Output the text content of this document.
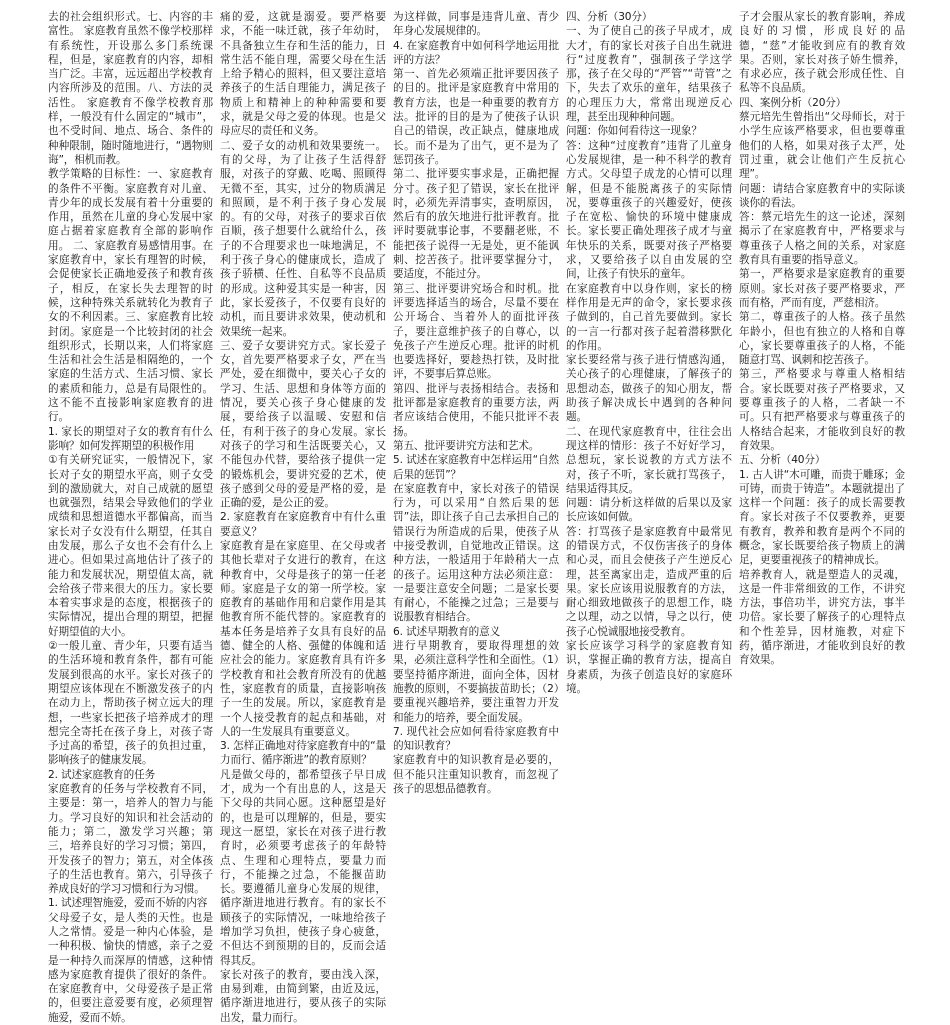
去的社会组织形式。七、内容的丰富性。 家庭教育虽然不像学校那样有系统性，开设那么多门系统课程，但是，家庭教育的内容，却相当广泛。丰富，远远超出学校教育内容所涉及的范围。八、方法的灵活性。 家庭教育不像学校教育那样，一般没有什么固定的“城市”，也不受时间、地点、场合、条件的种种限制，随时随地进行，“遇物则诲”，相机而教。

教学策略的目标性：一、家庭教育的条件不平衡。家庭教育对儿童、青少年的成长发展有着十分重要的作用，虽然在儿童的身心发展中家庭占据着家庭教育全部的影响作用。 二、家庭教育易感情用事。在家庭教育中，家长有理智的时候，会促使家长正确地爱孩子和教育孩子，相反，在家长失去理智的时候，这种特殊关系就转化为教育子女的不利因素。三、家庭教育比较封闭。家庭是一个比较封闭的社会组织形式，长期以来，人们将家庭生活和社会生活是相隔绝的，一个家庭的生活方式、生活习惯、家长的素质和能力，总是有局限性的。这不能不直接影响家庭教育的进行。

1. 家长的期望对子女的教育有什么影响？如何发挥期望的积极作用

①有关研究证实，一般情况下，家长对子女的期望水平高，则子女受到的激励就大，对自己成就的愿望也就强烈，结果会导致他们的学业成绩和思想道德水平都偏高，而当家长对子女没有什么期望，任其自由发展，那么子女也不会有什么上进心。但如果过高地估计了孩子的能力和发展状况，期望值太高，就会给孩子带来很大的压力。家长要本着实事求是的态度，根据孩子的实际情况，提出合理的期望，把握好期望值的大小。

②一般儿童、青少年，只要有适当的生活环境和教育条件，都有可能发展到很高的水平。家长对孩子的期望应该体现在不断激发孩子的内在动力上，帮助孩子树立远大的理想，一些家长把孩子培养成才的理想完全寄托在孩子身上，对孩子寄予过高的希望，孩子的负担过重，影响孩子的健康发展。

2. 试述家庭教育的任务

家庭教育的任务与学校教育不同，主要是：第一，培养人的智力与能力。学习良好的知识和社会活动的能力；第二，激发学习兴趣；第三，培养良好的学习习惯；第四，开发孩子的智力；第五，对全体孩子的生活也教育。第六，引导孩子养成良好的学习习惯和行为习惯。

1. 试述理智施爱，爱而不娇的内容

父母爱子女，是人类的天性。也是人之常情。爱是一种内心体验，是一种积极、愉快的情感，亲子之爱是一种持久而深厚的情感，这种情感为家庭教育提供了很好的条件。在家庭教育中，父母爱孩子是正常的，但要注意爱要有度，必须理智施爱，爱而不娇。

痛的爱，这就是溺爱。要严格要求，不能一味迁就，孩子年幼时，不具备独立生存和生活的能力，日常生活不能自理，需要父母在生活上给予精心的照料，但又要注意培养孩子的生活自理能力，满足孩子物质上和精神上的种种需要和要求，就是父母之爱的体现。也是父母应尽的责任和义务。

二、爱子女的动机和效果要统一。有的父母，为了让孩子生活得舒服，对孩子的穿戴、吃喝、照顾得无微不至，其实，过分的物质满足和照顾，是不利于孩子身心发展的。有的父母，对孩子的要求百依百顺，孩子想要什么就给什么，孩子的不合理要求也一味地满足，不利于孩子身心的健康成长，造成了孩子骄横、任性、自私等不良品质的形成。这种爱其实是一种害，因此，家长爱孩子，不仅要有良好的动机，而且要讲求效果，使动机和效果统一起来。

三、爱子女要讲究方式。家长爱子女，首先要严格要求子女，严在当严处，爱在细微中，要关心子女的学习、生活、思想和身体等方面的情况，要关心孩子身心健康的发展，要给孩子以温暖、安慰和信任，有利于孩子的身心发展。家长对孩子的学习和生活既要关心，又不能包办代替，要给孩子提供一定的锻炼机会，要讲究爱的艺术，使孩子感到父母的爱是严格的爱，是正确的爱，是公正的爱。

2. 家庭教育在家庭教育中有什么重要意义？

家庭教育是在家庭里、在父母或者其他长辈对子女进行的教育，在这种教育中，父母是孩子的第一任老师。家庭是子女的第一所学校。家庭教育的基础作用和启蒙作用是其他教育所不能代替的。家庭教育的基本任务是培养子女具有良好的品德、健全的人格、强健的体魄和适应社会的能力。家庭教育具有许多学校教育和社会教育所没有的优越性，家庭教育的质量，直接影响孩子一生的发展。所以，家庭教育是一个人接受教育的起点和基础，对人的一生发展具有重要意义。

3. 怎样正确地对待家庭教育中的“量力而行、循序渐进”的教育原则？

凡是做父母的，都希望孩子早日成才，成为一个有出息的人，这是天下父母的共同心愿。这种愿望是好的，也是可以理解的，但是，要实现这一愿望，家长在对孩子进行教育时，必须要考虑孩子的年龄特点、生理和心理特点，要量力而行，不能操之过急，不能揠苗助长。要遵循儿童身心发展的规律，循序渐进地进行教育。有的家长不顾孩子的实际情况，一味地给孩子增加学习负担，使孩子身心疲惫，不但达不到预期的目的，反而会适得其反。

家长对孩子的教育，要由浅入深，由易到难，由简到繁，由近及远，循序渐进地进行，要从孩子的实际出发，量力而行。

为这样做，同事是违背儿童、青少年身心发展规律的。

4. 在家庭教育中如何科学地运用批评的方法？

第一、首先必须端正批评要因孩子的目的。批评是家庭教育中常用的教育方法，也是一种重要的教育方法。批评的目的是为了使孩子认识自己的错误，改正缺点，健康地成长。而不是为了出气，更不是为了惩罚孩子。

第二、批评要实事求是，正确把握分寸。孩子犯了错误，家长在批评时，必须先弄清事实，查明原因，然后有的放矢地进行批评教育。批评时要就事论事，不要翻老账，不能把孩子说得一无是处，更不能讽刺、挖苦孩子。批评要掌握分寸，要适度，不能过分。

第三、批评要讲究场合和时机。批评要选择适当的场合，尽量不要在公开场合、当着外人的面批评孩子，要注意维护孩子的自尊心，以免孩子产生逆反心理。批评的时机也要选择好，要趁热打铁，及时批评，不要事后算总账。

第四、批评与表扬相结合。表扬和批评都是家庭教育的重要方法，两者应该结合使用，不能只批评不表扬。

第五、批评要讲究方法和艺术。

5. 试述在家庭教育中怎样运用“自然后果的惩罚”？

在家庭教育中，家长对孩子的错误行为，可以采用“自然后果的惩罚”法，即让孩子自己去承担自己的错误行为所造成的后果，使孩子从中接受教训，自觉地改正错误。这种方法，一般适用于年龄稍大一点的孩子。运用这种方法必须注意：一是要注意安全问题；二是家长要有耐心，不能操之过急；三是要与说服教育相结合。

6. 试述早期教育的意义

进行早期教育，要取得理想的效果，必须注意科学性和全面性。（1）要坚持循序渐进，面向全体，因材施教的原则，不要搞拔苗助长；（2）要重视兴趣培养，要注重智力开发和能力的培养，要全面发展。

7. 现代社会应如何看待家庭教育中的知识教育？

家庭教育中的知识教育是必要的，但不能只注重知识教育，而忽视了孩子的思想品德教育。

四、分析（30分）

一、为了使自己的孩子早成才，成大才，有的家长对孩子自出生就进行“过度教育”，强制孩子学这学那，孩子在父母的“严管”“苛管”之下，失去了欢乐的童年，结果孩子的心理压力大，常常出现逆反心理，甚至出现种种问题。

问题：你如何看待这一现象？

答：这种“过度教育”违背了儿童身心发展规律，是一种不科学的教育方式。父母望子成龙的心情可以理解，但是不能脱离孩子的实际情况，要尊重孩子的兴趣爱好，使孩子在宽松、愉快的环境中健康成长。家长要正确处理孩子成才与童年快乐的关系，既要对孩子严格要求，又要给孩子以自由发展的空间，让孩子有快乐的童年。

在家庭教育中以身作则，家长的榜样作用是无声的命令，家长要求孩子做到的，自己首先要做到。家长的一言一行都对孩子起着潜移默化的作用。

家长要经常与孩子进行情感沟通，关心孩子的心理健康，了解孩子的思想动态，做孩子的知心朋友，帮助孩子解决成长中遇到的各种问题。

二、在现代家庭教育中，往往会出现这样的情形：孩子不好好学习，总想玩，家长说教的方式方法不对，孩子不听，家长就打骂孩子，结果适得其反。

问题：请分析这样做的后果以及家长应该如何做。

答：打骂孩子是家庭教育中最常见的错误方式，不仅伤害孩子的身体和心灵，而且会使孩子产生逆反心理，甚至离家出走，造成严重的后果。家长应该用说服教育的方法，耐心细致地做孩子的思想工作，晓之以理，动之以情，导之以行，使孩子心悦诚服地接受教育。

家长应该学习科学的家庭教育知识，掌握正确的教育方法，提高自身素质，为孩子创造良好的家庭环境。

子才会服从家长的教育影响，养成良好的习惯，形成良好的品德，“慈”才能收到应有的教育效果。否则，家长对孩子娇生惯养，有求必应，孩子就会形成任性、自私等不良品质。

四、案例分析（20分）

蔡元培先生曾指出“父母师长，对于小学生应该严格要求，但也要尊重他们的人格，如果对孩子太严，处罚过重，就会让他们产生反抗心理”。

问题：请结合家庭教育中的实际谈谈你的看法。

答：蔡元培先生的这一论述，深刻揭示了在家庭教育中，严格要求与尊重孩子人格之间的关系，对家庭教育具有重要的指导意义。

第一，严格要求是家庭教育的重要原则。家长对孩子要严格要求，严而有格，严而有度，严慈相济。

第二，尊重孩子的人格。孩子虽然年龄小，但也有独立的人格和自尊心，家长要尊重孩子的人格，不能随意打骂、讽刺和挖苦孩子。

第三，严格要求与尊重人格相结合。家长既要对孩子严格要求，又要尊重孩子的人格，二者缺一不可。只有把严格要求与尊重孩子的人格结合起来，才能收到良好的教育效果。

五、分析（40分）

1. 古人讲“木可雕，而贵于雕琢；金可铸，而贵于铸造”。本题就提出了这样一个问题：孩子的成长需要教育。家长对孩子不仅要教养，更要有教育，教养和教育是两个不同的概念，家长既要给孩子物质上的满足，更要重视孩子的精神成长。

培养教育人，就是塑造人的灵魂，这是一件非常细致的工作，不讲究方法，事倍功半，讲究方法，事半功倍。家长要了解孩子的心理特点和个性差异，因材施教，对症下药，循序渐进，才能收到良好的教育效果。
